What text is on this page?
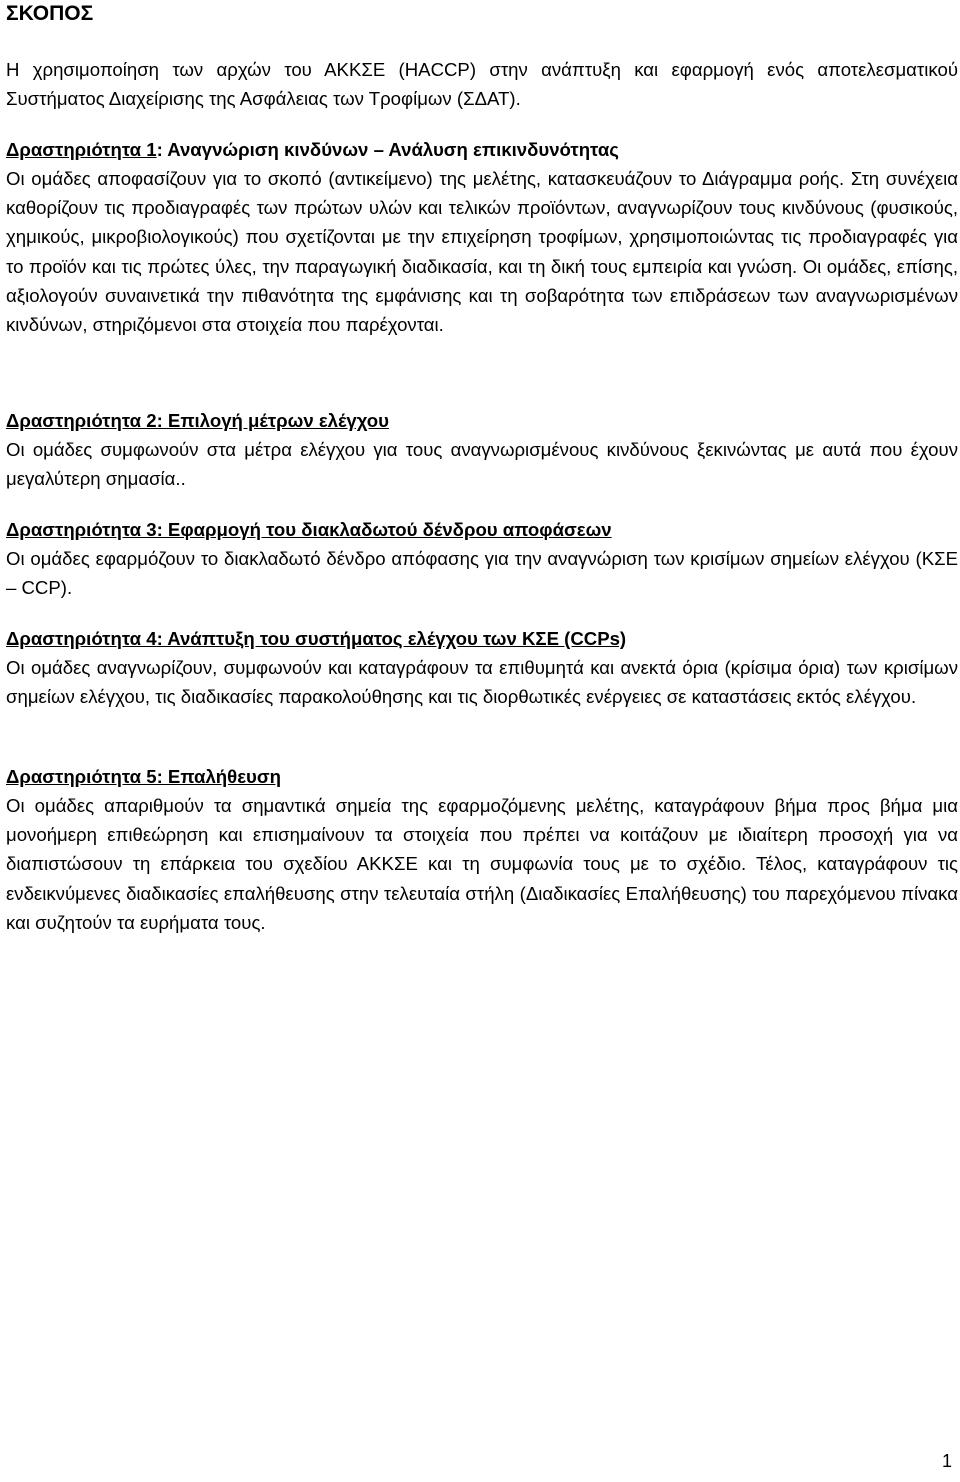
ΣΚΟΠΟΣ

Η χρησιμοποίηση των αρχών του ΑΚΚΣΕ (HACCP) στην ανάπτυξη και εφαρμογή ενός αποτελεσματικού Συστήματος Διαχείρισης της Ασφάλειας των Τροφίμων (ΣΔΑΤ).

Δραστηριότητα 1: Αναγνώριση κινδύνων – Ανάλυση επικινδυνότητας

Οι ομάδες αποφασίζουν για το σκοπό (αντικείμενο) της μελέτης, κατασκευάζουν το Διάγραμμα ροής. Στη συνέχεια καθορίζουν τις προδιαγραφές των πρώτων υλών και τελικών προϊόντων, αναγνωρίζουν τους κινδύνους (φυσικούς, χημικούς, μικροβιολογικούς) που σχετίζονται με την επιχείρηση τροφίμων, χρησιμοποιώντας τις προδιαγραφές για το προϊόν και τις πρώτες ύλες, την παραγωγική διαδικασία, και τη δική τους εμπειρία και γνώση. Οι ομάδες, επίσης, αξιολογούν συναινετικά την πιθανότητα της εμφάνισης και τη σοβαρότητα των επιδράσεων των αναγνωρισμένων κινδύνων, στηριζόμενοι στα στοιχεία που παρέχονται.

Δραστηριότητα 2: Επιλογή μέτρων ελέγχου

Οι ομάδες συμφωνούν στα μέτρα ελέγχου για τους αναγνωρισμένους κινδύνους ξεκινώντας με αυτά που έχουν μεγαλύτερη σημασία..

Δραστηριότητα 3: Εφαρμογή του διακλαδωτού δένδρου αποφάσεων

Οι ομάδες εφαρμόζουν το διακλαδωτό δένδρο απόφασης για την αναγνώριση των κρισίμων σημείων ελέγχου (ΚΣΕ – CCP).

Δραστηριότητα 4: Ανάπτυξη του συστήματος ελέγχου των ΚΣΕ (CCPs)

Οι ομάδες αναγνωρίζουν, συμφωνούν και καταγράφουν τα επιθυμητά και ανεκτά όρια (κρίσιμα όρια) των κρισίμων σημείων ελέγχου, τις διαδικασίες παρακολούθησης και τις διορθωτικές ενέργειες σε καταστάσεις εκτός ελέγχου.

Δραστηριότητα 5: Επαλήθευση

Οι ομάδες απαριθμούν τα σημαντικά σημεία της εφαρμοζόμενης μελέτης, καταγράφουν βήμα προς βήμα μια μονοήμερη επιθεώρηση και επισημαίνουν τα στοιχεία που πρέπει να κοιτάζουν με ιδιαίτερη προσοχή για να διαπιστώσουν τη επάρκεια του σχεδίου ΑΚΚΣΕ και τη συμφωνία τους με το σχέδιο. Τέλος, καταγράφουν τις ενδεικνύμενες διαδικασίες επαλήθευσης στην τελευταία στήλη (Διαδικασίες Επαλήθευσης) του παρεχόμενου πίνακα και συζητούν τα ευρήματα τους.

1
